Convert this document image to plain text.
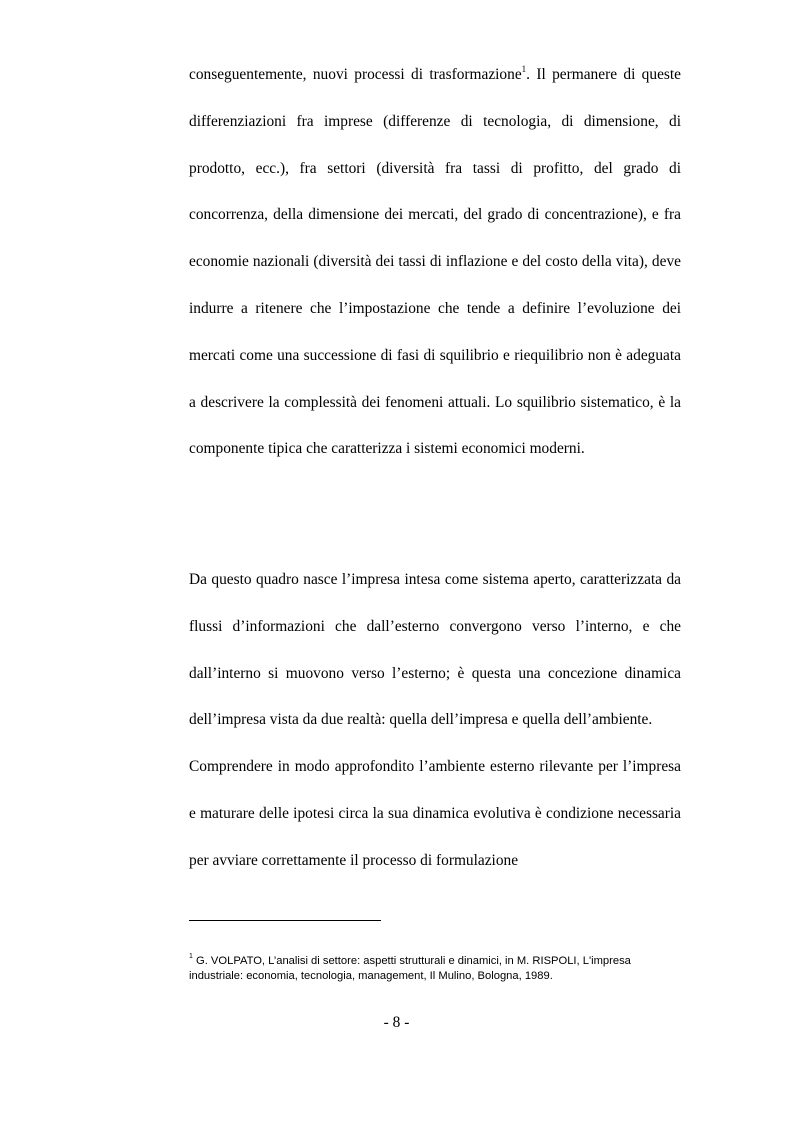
conseguentemente, nuovi processi di trasformazione$^1$. Il permanere di queste differenziazioni fra imprese (differenze di tecnologia, di dimensione, di prodotto, ecc.), fra settori (diversità fra tassi di profitto, del grado di concorrenza, della dimensione dei mercati, del grado di concentrazione), e fra economie nazionali (diversità dei tassi di inflazione e del costo della vita), deve indurre a ritenere che l’impostazione che tende a definire l’evoluzione dei mercati come una successione di fasi di squilibrio e riequilibrio non è adeguata a descrivere la complessità dei fenomeni attuali. Lo squilibrio sistematico, è la componente tipica che caratterizza i sistemi economici moderni.

Da questo quadro nasce l’impresa intesa come sistema aperto, caratterizzata da flussi d’informazioni che dall’esterno convergono verso l’interno, e che dall’interno si muovono verso l’esterno; è questa una concezione dinamica dell’impresa vista da due realtà: quella dell’impresa e quella dell’ambiente.

Comprendere in modo approfondito l’ambiente esterno rilevante per l’impresa e maturare delle ipotesi circa la sua dinamica evolutiva è condizione necessaria per avviare correttamente il processo di formulazione

$^1$ G. VOLPATO, L’analisi di settore: aspetti strutturali e dinamici, in M. RISPOLI, L'impresa industriale: economia, tecnologia, management, Il Mulino, Bologna, 1989.

- 8 -
